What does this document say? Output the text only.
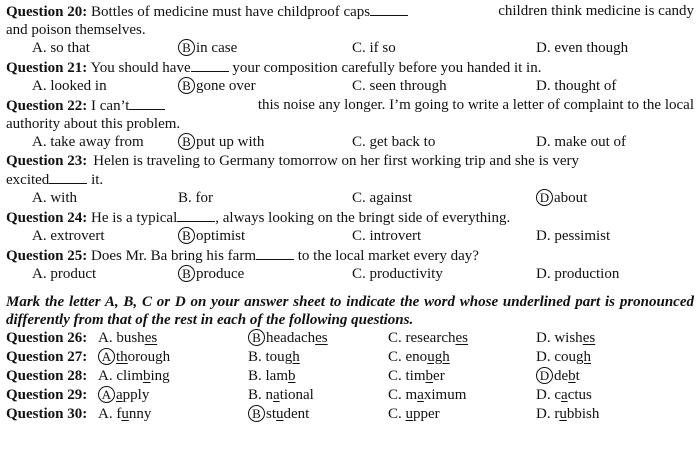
Question 20: Bottles of medicine must have childproof caps	children think medicine is candy
and poison themselves.
A. so that	B in case	C. if so	D. even though
Question 21: You should have	your composition carefully before you handed it in.
A. looked in	B gone over	C. seen through	D. thought of
Question 22: I can’t	this noise any longer. I’m going to write a letter of complaint to the local
authority about this problem.
A. take away from	B put up with	C. get back to	D. make out of
Question 23: Helen is traveling to Germany tomorrow on her first working trip and she is very
excited	it.
A. with	B. for	C. against	D about
Question 24: He is a typical	, always looking on the bringt side of everything.
A. extrovert	B optimist	C. introvert	D. pessimist
Question 25: Does Mr. Ba bring his farm	to the local market every day?
A. product	B produce	C. productivity	D. production
Mark the letter A, B, C or D on your answer sheet to indicate the word whose underlined part is pronounced differently from that of the rest in each of the following questions.
Question 26: A. bushes	B headaches	C. researches	D. wishes
Question 27: A thorough	B. tough	C. enough	D. cough
Question 28: A. climbing	B. lamb	C. timber	D debt
Question 29: A apply	B. national	C. maximum	D. cactus
Question 30: A. funny	B student	C. upper	D. rubbish
